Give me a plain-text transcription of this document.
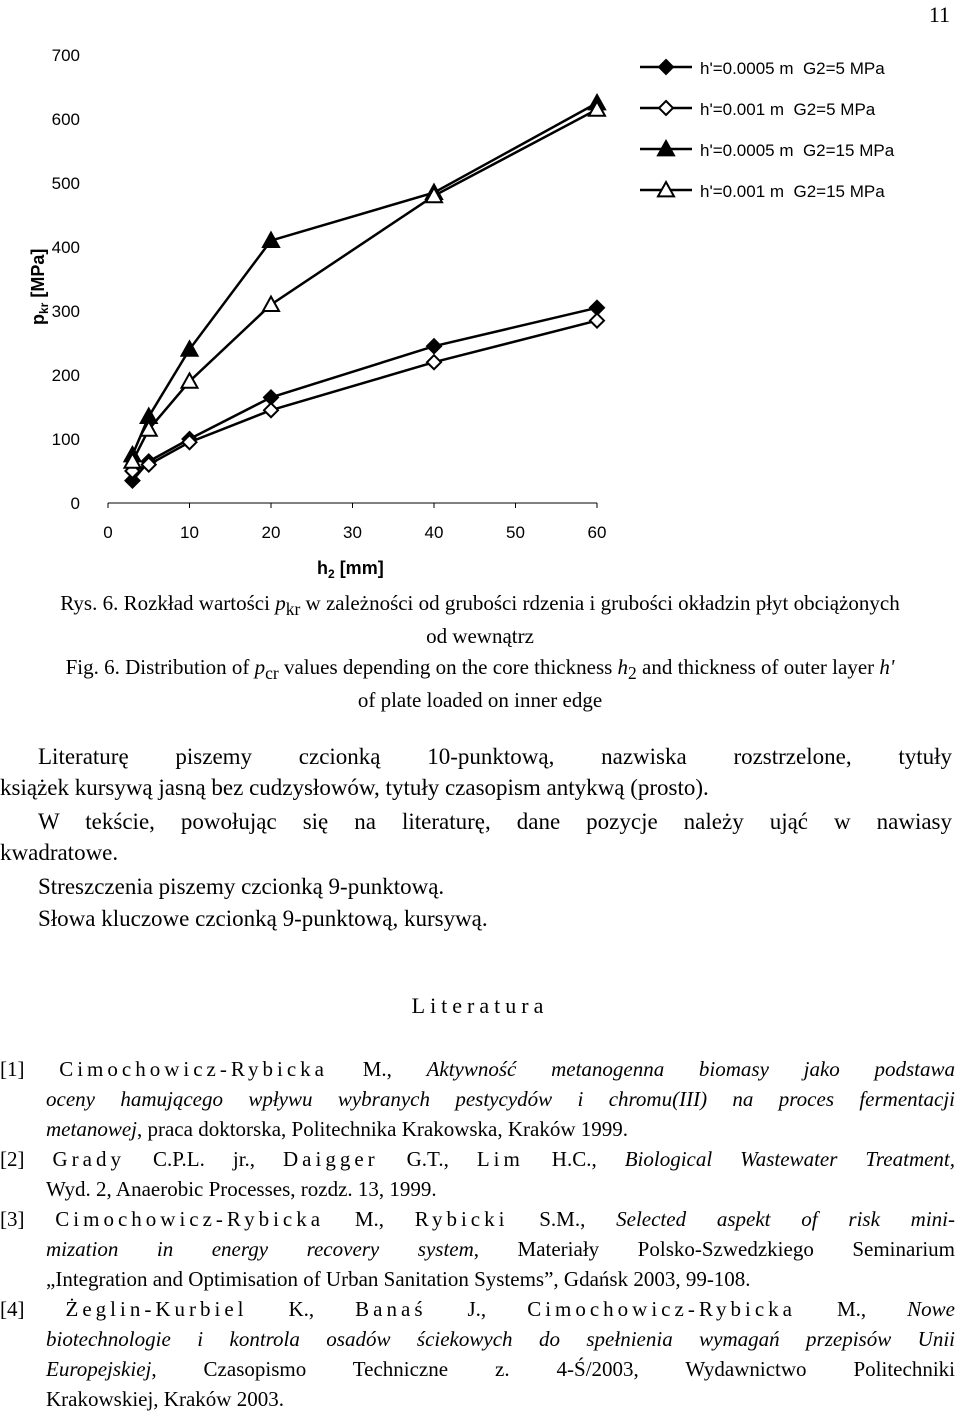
11
0	10	20	30	40	50	60
0
100
200
300
400
500
600
700
$p_{kr}$ [MPa]
$h_2$ [mm]
h'=0.0005 m  G2=5 MPa
h'=0.001 m  G2=5 MPa
h'=0.0005 m  G2=15 MPa
h'=0.001 m  G2=15 MPa
Rys. 6. Rozkład wartości $p_{kr}$ w zależności od grubości rdzenia i grubości okładzin płyt obciążonych
od wewnątrz
Fig. 6. Distribution of $p_{cr}$ values depending on the core thickness $h_2$ and thickness of outer layer h'
of plate loaded on inner edge
Literaturę piszemy czcionką 10-punktową, nazwiska rozstrzelone, tytuły
książek kursywą jasną bez cudzysłowów, tytuły czasopism antykwą (prosto).
W tekście, powołując się na literaturę, dane pozycje należy ująć w nawiasy
kwadratowe.
Streszczenia piszemy czcionką 9-punktową.
Słowa kluczowe czcionką 9-punktową, kursywą.
Literatura
[1] Cimochowicz-Rybicka M., Aktywność metanogenna biomasy jako podstawa
oceny hamującego wpływu wybranych pestycydów i chromu(III) na proces fermentacji
metanowej, praca doktorska, Politechnika Krakowska, Kraków 1999.
[2] Grady C.P.L. jr., Daigger G.T., Lim H.C., Biological Wastewater Treatment,
Wyd. 2, Anaerobic Processes, rozdz. 13, 1999.
[3] Cimochowicz-Rybicka M., Rybicki S.M., Selected aspekt of risk mini-
mization in energy recovery system, Materiały Polsko-Szwedzkiego Seminarium
„Integration and Optimisation of Urban Sanitation Systems”, Gdańsk 2003, 99-108.
[4] Żeglin-Kurbiel K., Banaś J., Cimochowicz-Rybicka M., Nowe
biotechnologie i kontrola osadów ściekowych do spełnienia wymagań przepisów Unii
Europejskiej, Czasopismo Techniczne z. 4-Ś/2003, Wydawnictwo Politechniki
Krakowskiej, Kraków 2003.
